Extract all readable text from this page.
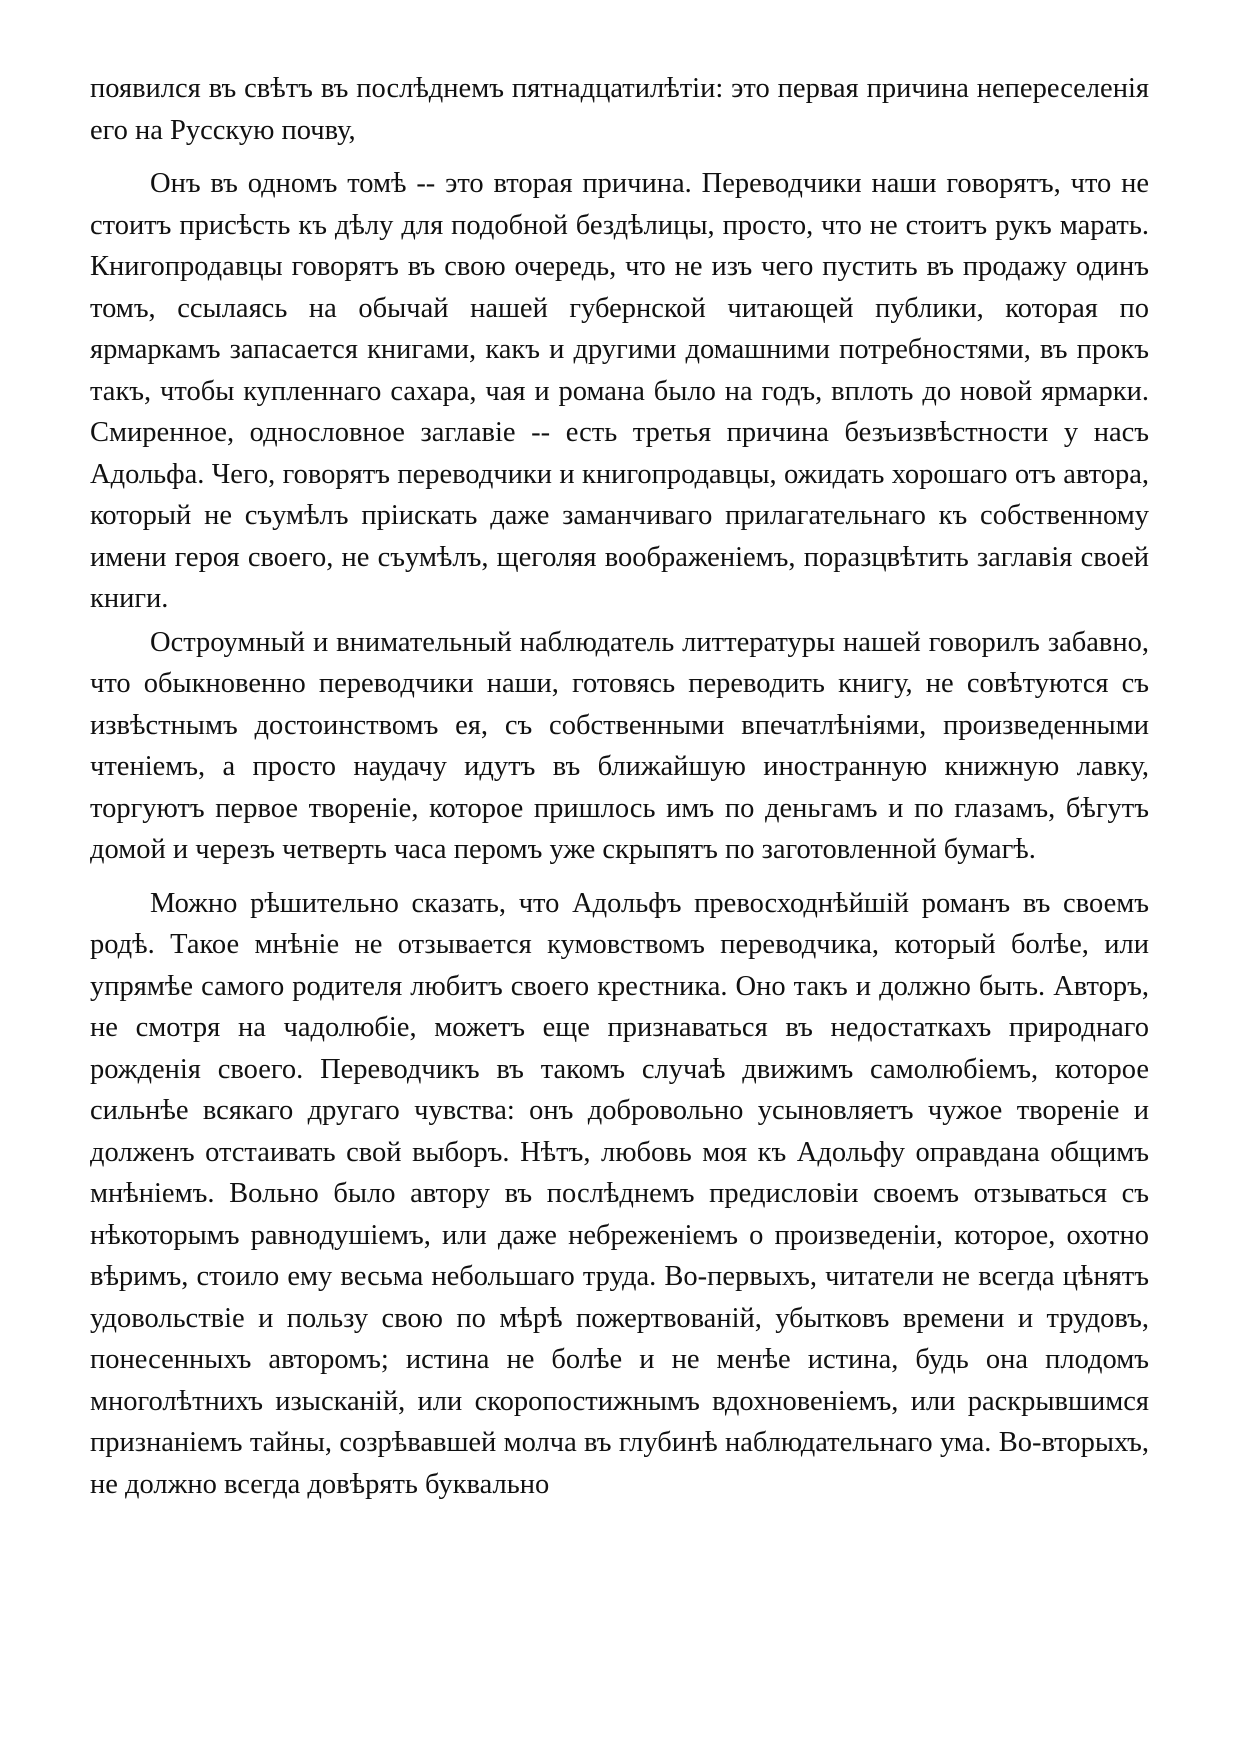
появился въ свѣтъ въ послѣднемъ пятнадцатилѣтіи: это первая причина непереселенія его на Русскую почву,

Онъ въ одномъ томѣ -- это вторая причина. Переводчики наши говорятъ, что не стоитъ присѣсть къ дѣлу для подобной бездѣлицы, просто, что не стоитъ рукъ марать. Книгопродавцы говорятъ въ свою очередь, что не изъ чего пустить въ продажу одинъ томъ, ссылаясь на обычай нашей губернской читающей публики, которая по ярмаркамъ запасается книгами, какъ и другими домашними потребностями, въ прокъ такъ, чтобы купленнаго сахара, чая и романа было на годъ, вплоть до новой ярмарки. Смиренное, однословное заглавіе -- есть третья причина безъизвѣстности у насъ Адольфа. Чего, говорятъ переводчики и книгопродавцы, ожидать хорошаго отъ автора, который не съумѣлъ пріискать даже заманчиваго прилагательнаго къ собственному имени героя своего, не съумѣлъ, щеголяя воображеніемъ, поразцвѣтить заглавія своей книги.

Остроумный и внимательный наблюдатель литтературы нашей говорилъ забавно, что обыкновенно переводчики наши, готовясь переводить книгу, не совѣтуются съ извѣстнымъ достоинствомъ ея, съ собственными впечатлѣніями, произведенными чтеніемъ, а просто наудачу идутъ въ ближайшую иностранную книжную лавку, торгуютъ первое твореніе, которое пришлось имъ по деньгамъ и по глазамъ, бѣгутъ домой и черезъ четверть часа перомъ уже скрыпятъ по заготовленной бумагѣ.

Можно рѣшительно сказать, что Адольфъ превосходнѣйшій романъ въ своемъ родѣ. Такое мнѣніе не отзывается кумовствомъ переводчика, который болѣе, или упрямѣе самого родителя любитъ своего крестника. Оно такъ и должно быть. Авторъ, не смотря на чадолюбіе, можетъ еще признаваться въ недостаткахъ природнаго рожденія своего. Переводчикъ въ такомъ случаѣ движимъ самолюбіемъ, которое сильнѣе всякаго другаго чувства: онъ добровольно усыновляетъ чужое твореніе и долженъ отстаивать свой выборъ. Нѣтъ, любовь моя къ Адольфу оправдана общимъ мнѣніемъ. Вольно было автору въ послѣднемъ предисловіи своемъ отзываться съ нѣкоторымъ равнодушіемъ, или даже небреженіемъ о произведеніи, которое, охотно вѣримъ, стоило ему весьма небольшаго труда. Во-первыхъ, читатели не всегда цѣнятъ удовольствіе и пользу свою по мѣрѣ пожертвованій, убытковъ времени и трудовъ, понесенныхъ авторомъ; истина не болѣе и не менѣе истина, будь она плодомъ многолѣтнихъ изысканій, или скоропостижнымъ вдохновеніемъ, или раскрывшимся признаніемъ тайны, созрѣвавшей молча въ глубинѣ наблюдательнаго ума. Во-вторыхъ, не должно всегда довѣрять буквально
